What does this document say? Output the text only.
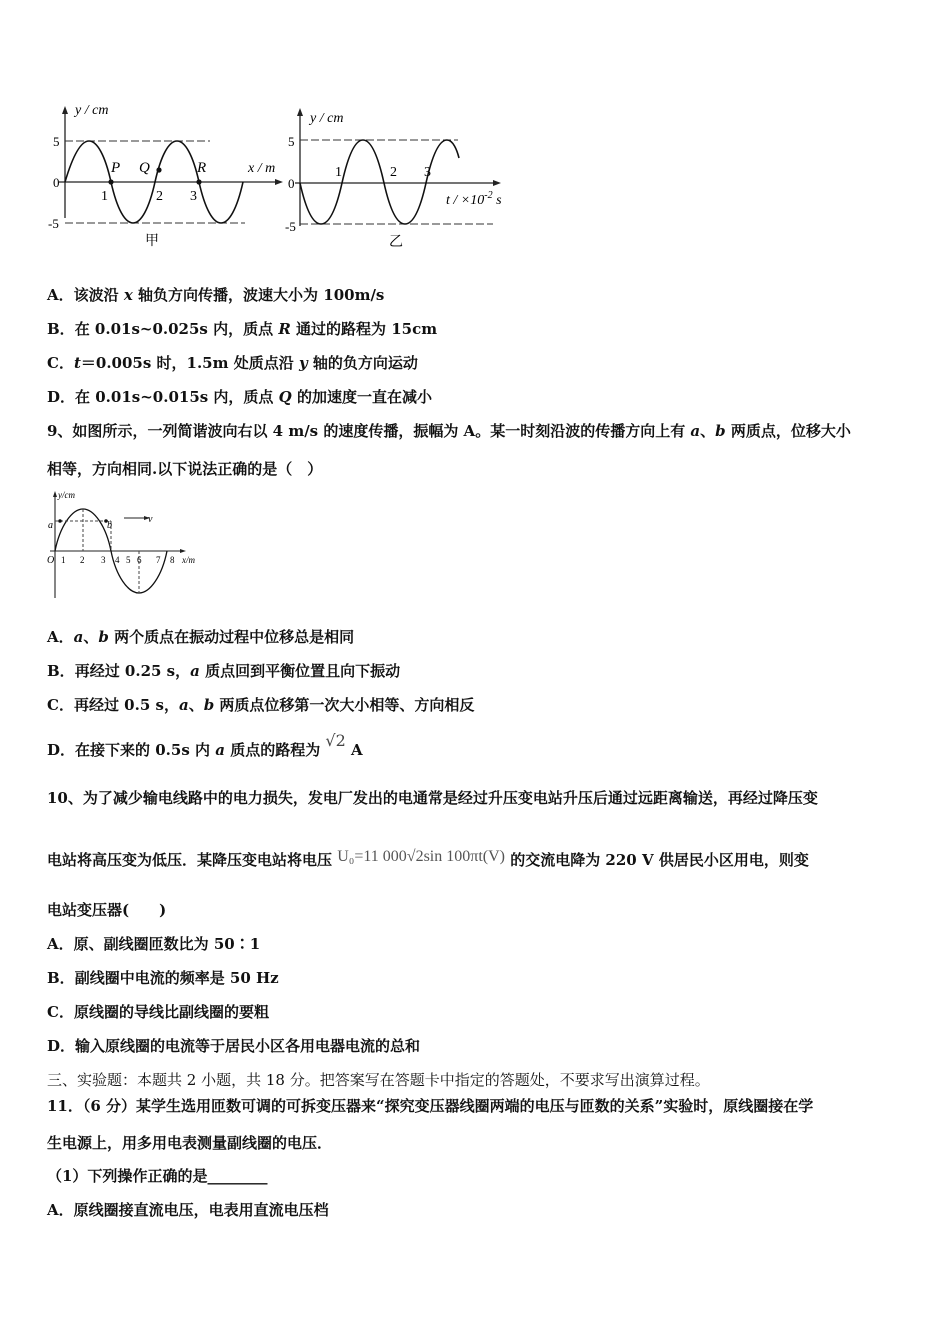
y / cm
5
0
-5
1	2 3
P Q	R	x / m
甲
y / cm
5
0
-5
1	2 3
$t / \times 10^{-2}$ s
乙
A．该波沿 x 轴负方向传播，波速大小为 100m/s
B．在 0.01s~0.025s 内，质点 R 通过的路程为 15cm
C．t＝0.005s 时，1.5m 处质点沿 y 轴的负方向运动
D．在 0.01s~0.015s 内，质点 Q 的加速度一直在减小
9、如图所示，一列简谐波向右以 4 m/s 的速度传播，振幅为 A。某一时刻沿波的传播方向上有 a、b 两质点，位移大小
相等，方向相同.以下说法正确的是（　）
y/cm
v
a	b
O 1 2 3 4 5 6 7 8 x/m
A．a、b 两个质点在振动过程中位移总是相同
B．再经过 0.25 s，a 质点回到平衡位置且向下振动
C．再经过 0.5 s，a、b 两质点位移第一次大小相等、方向相反
D．在接下来的 0.5s 内 a 质点的路程为 √2 A
10、为了减少输电线路中的电力损失，发电厂发出的电通常是经过升压变电站升压后通过远距离输送，再经过降压变
电站将高压变为低压．某降压变电站将电压 U₀=11 000√2sin 100πt(V) 的交流电降为 220 V 供居民小区用电，则变
电站变压器(　　)
A．原、副线圈匝数比为 50∶1
B．副线圈中电流的频率是 50 Hz
C．原线圈的导线比副线圈的要粗
D．输入原线圈的电流等于居民小区各用电器电流的总和
三、实验题：本题共 2 小题，共 18 分。把答案写在答题卡中指定的答题处，不要求写出演算过程。
11．（6 分）某学生选用匝数可调的可拆变压器来“探究变压器线圈两端的电压与匝数的关系”实验时，原线圈接在学
生电源上，用多用电表测量副线圈的电压．
（1）下列操作正确的是________
A．原线圈接直流电压，电表用直流电压档
